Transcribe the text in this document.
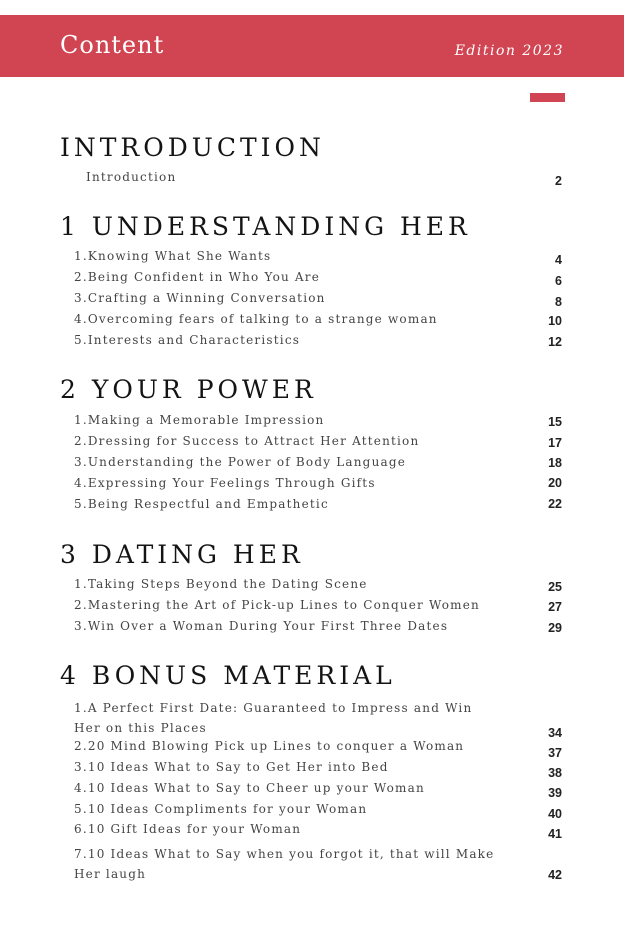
Content	Edition 2023
INTRODUCTION
Introduction	2
1 UNDERSTANDING HER
1.Knowing What She Wants	4
2.Being Confident in Who You Are	6
3.Crafting a Winning Conversation	8
4.Overcoming fears of talking to a strange woman	10
5.Interests and Characteristics	12
2 YOUR POWER
1.Making a Memorable Impression	15
2.Dressing for Success to Attract Her Attention	17
3.Understanding the Power of Body Language	18
4.Expressing Your Feelings Through Gifts	20
5.Being Respectful and Empathetic	22
3 DATING HER
1.Taking Steps Beyond the Dating Scene	25
2.Mastering the Art of Pick-up Lines to Conquer Women	27
3.Win Over a Woman During Your First Three Dates	29
4 BONUS MATERIAL
1.A Perfect First Date: Guaranteed to Impress and Win Her on this Places	34
2.20 Mind Blowing Pick up Lines to conquer a Woman	37
3.10 Ideas What to Say to Get Her into Bed	38
4.10 Ideas What to Say to Cheer up your Woman	39
5.10 Ideas Compliments for your Woman	40
6.10 Gift Ideas for your Woman	41
7.10 Ideas What to Say when you forgot it, that will Make Her laugh	42
